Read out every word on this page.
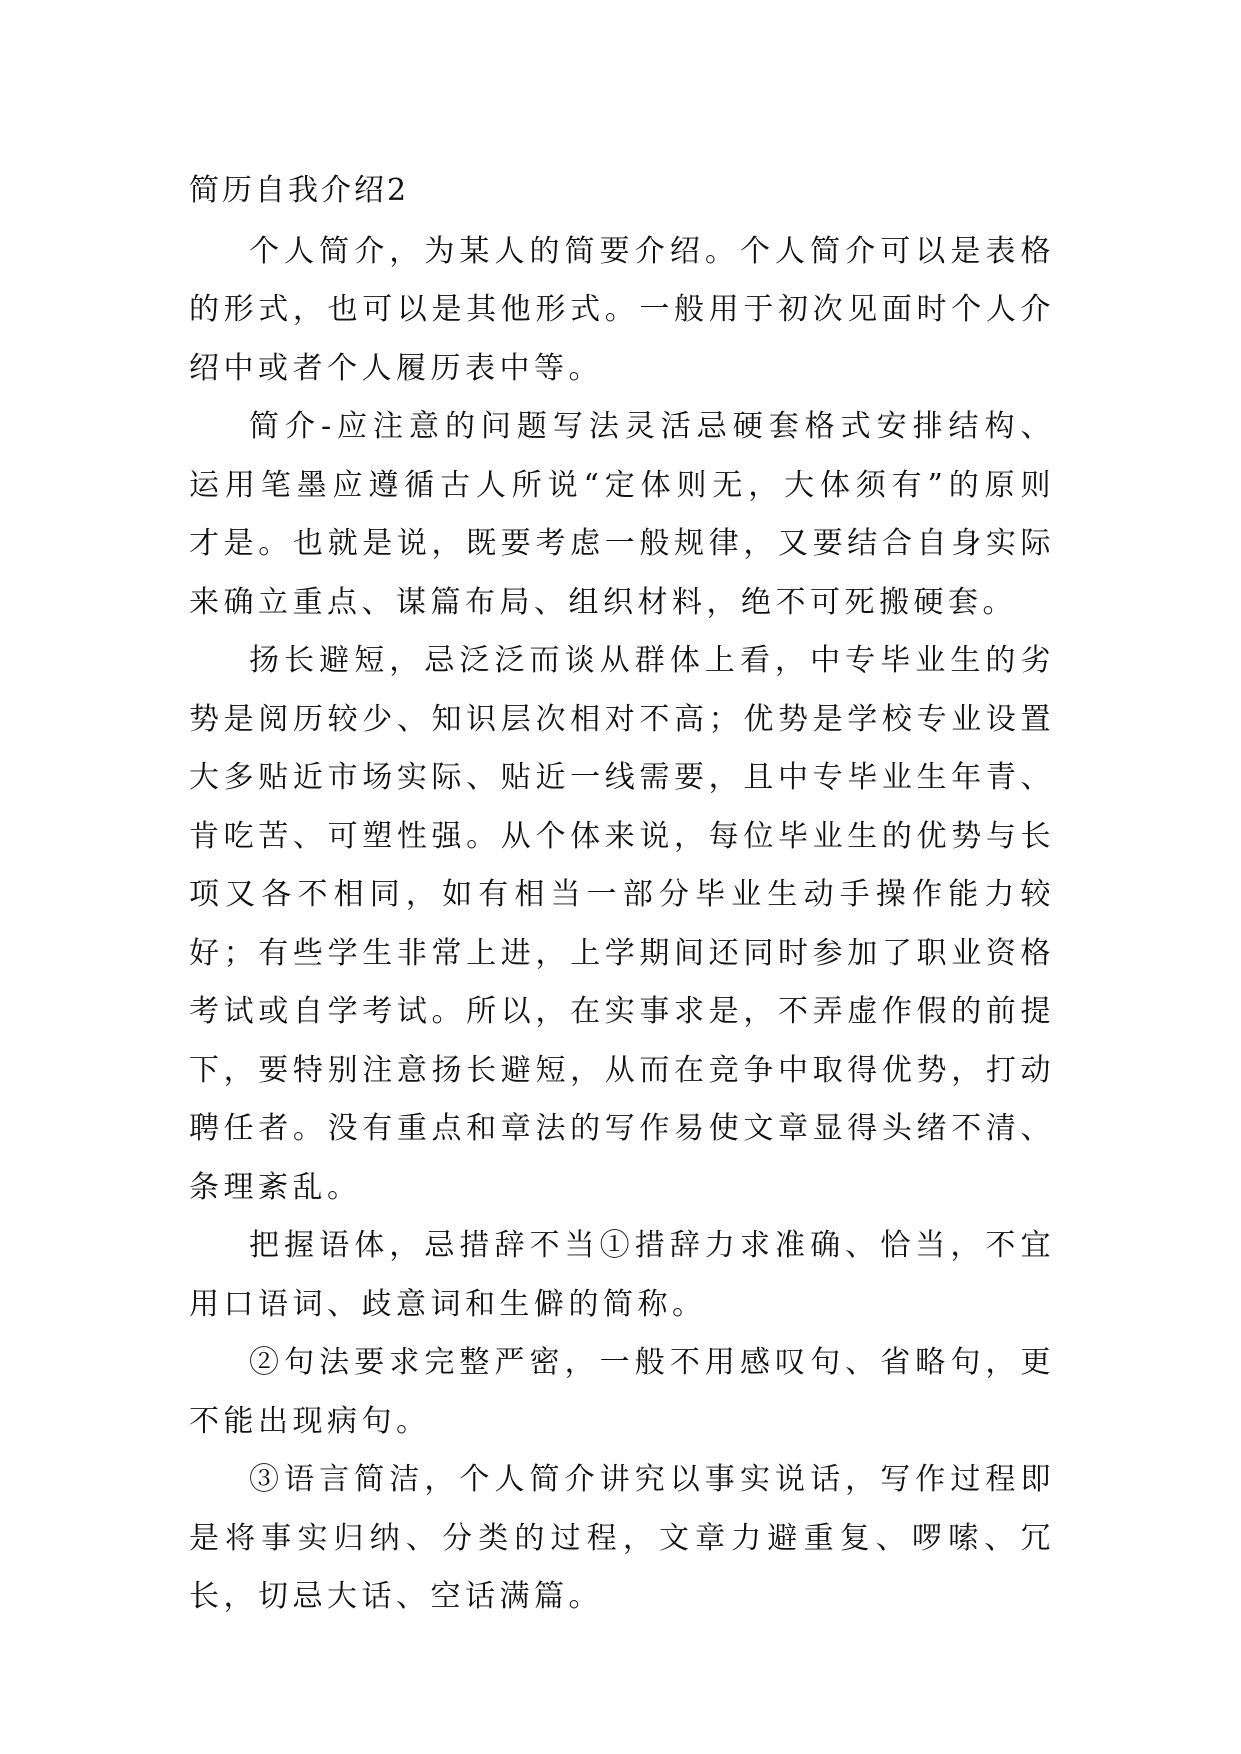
简历自我介绍2

个人简介，为某人的简要介绍。个人简介可以是表格的形式，也可以是其他形式。一般用于初次见面时个人介绍中或者个人履历表中等。

简介-应注意的问题写法灵活忌硬套格式安排结构、运用笔墨应遵循古人所说“定体则无，大体须有”的原则才是。也就是说，既要考虑一般规律，又要结合自身实际来确立重点、谋篇布局、组织材料，绝不可死搬硬套。

扬长避短，忌泛泛而谈从群体上看，中专毕业生的劣势是阅历较少、知识层次相对不高；优势是学校专业设置大多贴近市场实际、贴近一线需要，且中专毕业生年青、肯吃苦、可塑性强。从个体来说，每位毕业生的优势与长项又各不相同，如有相当一部分毕业生动手操作能力较好；有些学生非常上进，上学期间还同时参加了职业资格考试或自学考试。所以，在实事求是，不弄虚作假的前提下，要特别注意扬长避短，从而在竞争中取得优势，打动聘任者。没有重点和章法的写作易使文章显得头绪不清、条理紊乱。

把握语体，忌措辞不当①措辞力求准确、恰当，不宜用口语词、歧意词和生僻的简称。

②句法要求完整严密，一般不用感叹句、省略句，更不能出现病句。

③语言简洁，个人简介讲究以事实说话，写作过程即是将事实归纳、分类的过程，文章力避重复、啰嗦、冗长，切忌大话、空话满篇。
